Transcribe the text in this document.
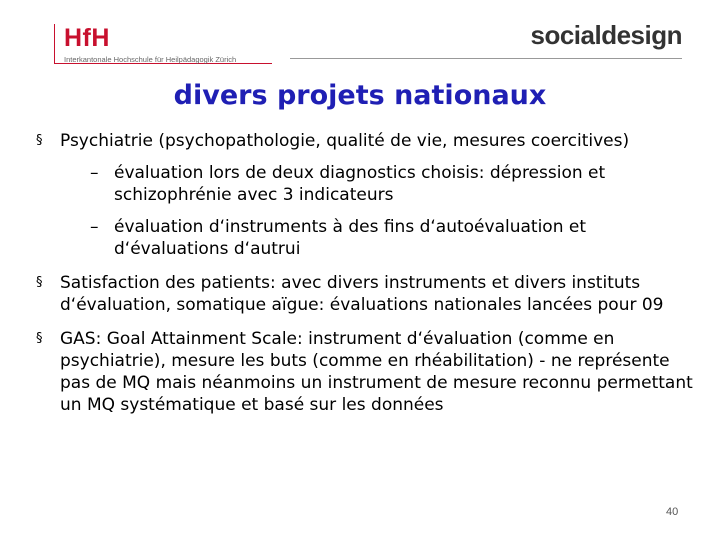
HfH
Interkantonale Hochschule für Heilpädagogik Zürich
socialdesign
divers projets nationaux
§ Psychiatrie (psychopathologie, qualité de vie, mesures coercitives)
– évaluation lors de deux diagnostics choisis: dépression et schizophrénie avec 3 indicateurs
– évaluation d‘instruments à des fins d‘autoévaluation et d‘évaluations d‘autrui
§ Satisfaction des patients: avec divers instruments et divers instituts d‘évaluation, somatique aïgue: évaluations nationales lancées pour 09
§ GAS: Goal Attainment Scale: instrument d‘évaluation (comme en psychiatrie), mesure les buts (comme en rhéabilitation) - ne représente pas de MQ mais néanmoins un instrument de mesure reconnu permettant un MQ systématique et basé sur les données
40
